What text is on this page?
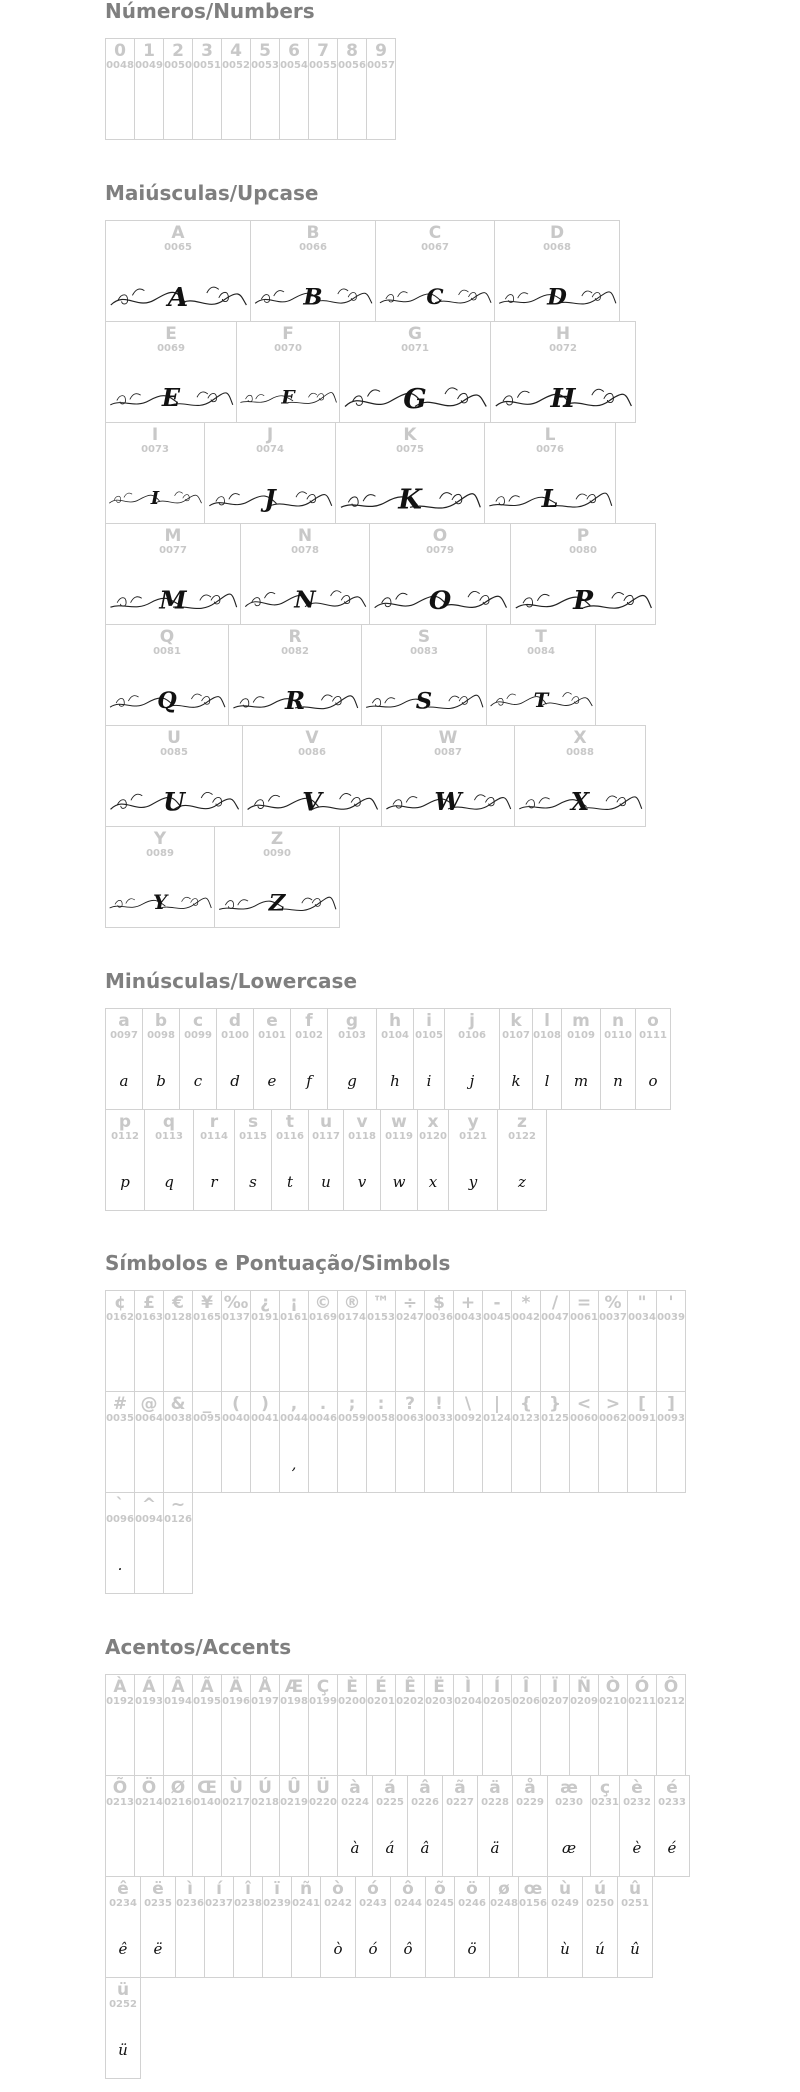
Números/Numbers
0
0048
1
0049
2
0050
3
0051
4
0052
5
0053
6
0054
7
0055
8
0056
9
0057
Maiúsculas/Upcase
A
0065
A
B
0066
B
C
0067
C
D
0068
D
E
0069
E
F
0070
F
G
0071
G
H
0072
H
I
0073
I
J
0074
J
K
0075
K
L
0076
L
M
0077
M
N
0078
N
O
0079
O
P
0080
P
Q
0081
Q
R
0082
R
S
0083
S
T
0084
T
U
0085
U
V
0086
V
W
0087
W
X
0088
X
Y
0089
Y
Z
0090
Z
Minúsculas/Lowercase
a
0097
a
b
0098
b
c
0099
c
d
0100
d
e
0101
e
f
0102
f
g
0103
g
h
0104
h
i
0105
i
j
0106
j
k
0107
k
l
0108
l
m
0109
m
n
0110
n
o
0111
o
p
0112
p
q
0113
q
r
0114
r
s
0115
s
t
0116
t
u
0117
u
v
0118
v
w
0119
w
x
0120
x
y
0121
y
z
0122
z
Símbolos e Pontuação/Simbols
¢
0162
£
0163
€
0128
¥
0165
‰
0137
¿
0191
¡
0161
©
0169
®
0174
™
0153
÷
0247
$
0036
+
0043
-
0045
*
0042
/
0047
=
0061
%
0037
"
0034
'
0039
#
0035
@
0064
&
0038
_
0095
(
0040
)
0041
,
0044
,
.
0046
;
0059
:
0058
?
0063
!
0033
\
0092
|
0124
{
0123
}
0125
<
0060
>
0062
[
0091
]
0093
`
0096
.
^
0094
~
0126
Acentos/Accents
À
0192
Á
0193
Â
0194
Ã
0195
Ä
0196
Å
0197
Æ
0198
Ç
0199
È
0200
É
0201
Ê
0202
Ë
0203
Ì
0204
Í
0205
Î
0206
Ï
0207
Ñ
0209
Ò
0210
Ó
0211
Ô
0212
Õ
0213
Ö
0214
Ø
0216
Œ
0140
Ù
0217
Ú
0218
Û
0219
Ü
0220
à
0224
à
á
0225
á
â
0226
â
ã
0227
ä
0228
ä
å
0229
æ
0230
æ
ç
0231
è
0232
è
é
0233
é
ê
0234
ê
ë
0235
ë
ì
0236
í
0237
î
0238
ï
0239
ñ
0241
ò
0242
ò
ó
0243
ó
ô
0244
ô
õ
0245
ö
0246
ö
ø
0248
œ
0156
ù
0249
ù
ú
0250
ú
û
0251
û
ü
0252
ü
